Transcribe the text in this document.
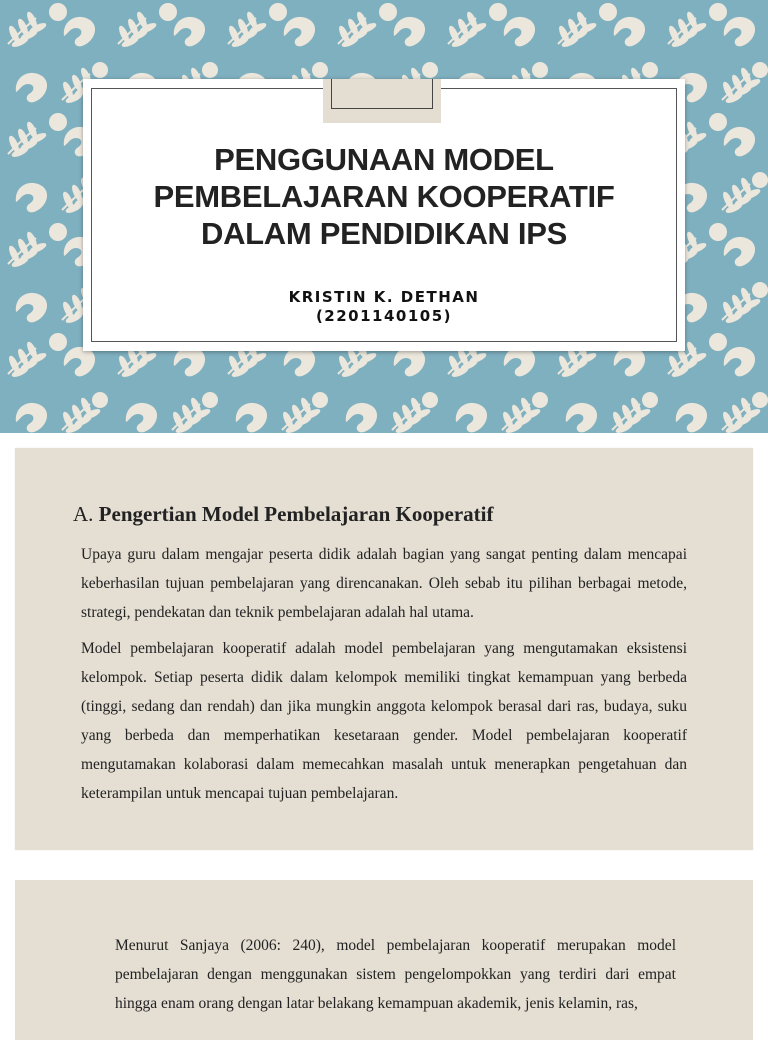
PENGGUNAAN MODEL
PEMBELAJARAN KOOPERATIF
DALAM PENDIDIKAN IPS
KRISTIN K. DETHAN
(2201140105)
A. Pengertian Model Pembelajaran Kooperatif

Upaya guru dalam mengajar peserta didik adalah bagian yang sangat penting dalam mencapai keberhasilan tujuan pembelajaran yang direncanakan. Oleh sebab itu pilihan berbagai metode, strategi, pendekatan dan teknik pembelajaran adalah hal utama.

Model pembelajaran kooperatif adalah model pembelajaran yang mengutamakan eksistensi kelompok. Setiap peserta didik dalam kelompok memiliki tingkat kemampuan yang berbeda (tinggi, sedang dan rendah) dan jika mungkin anggota kelompok berasal dari ras, budaya, suku yang berbeda dan memperhatikan kesetaraan gender. Model pembelajaran kooperatif mengutamakan kolaborasi dalam memecahkan masalah untuk menerapkan pengetahuan dan keterampilan untuk mencapai tujuan pembelajaran.

Menurut Sanjaya (2006: 240), model pembelajaran kooperatif merupakan model pembelajaran dengan menggunakan sistem pengelompokkan yang terdiri dari empat hingga enam orang dengan latar belakang kemampuan akademik, jenis kelamin, ras,
